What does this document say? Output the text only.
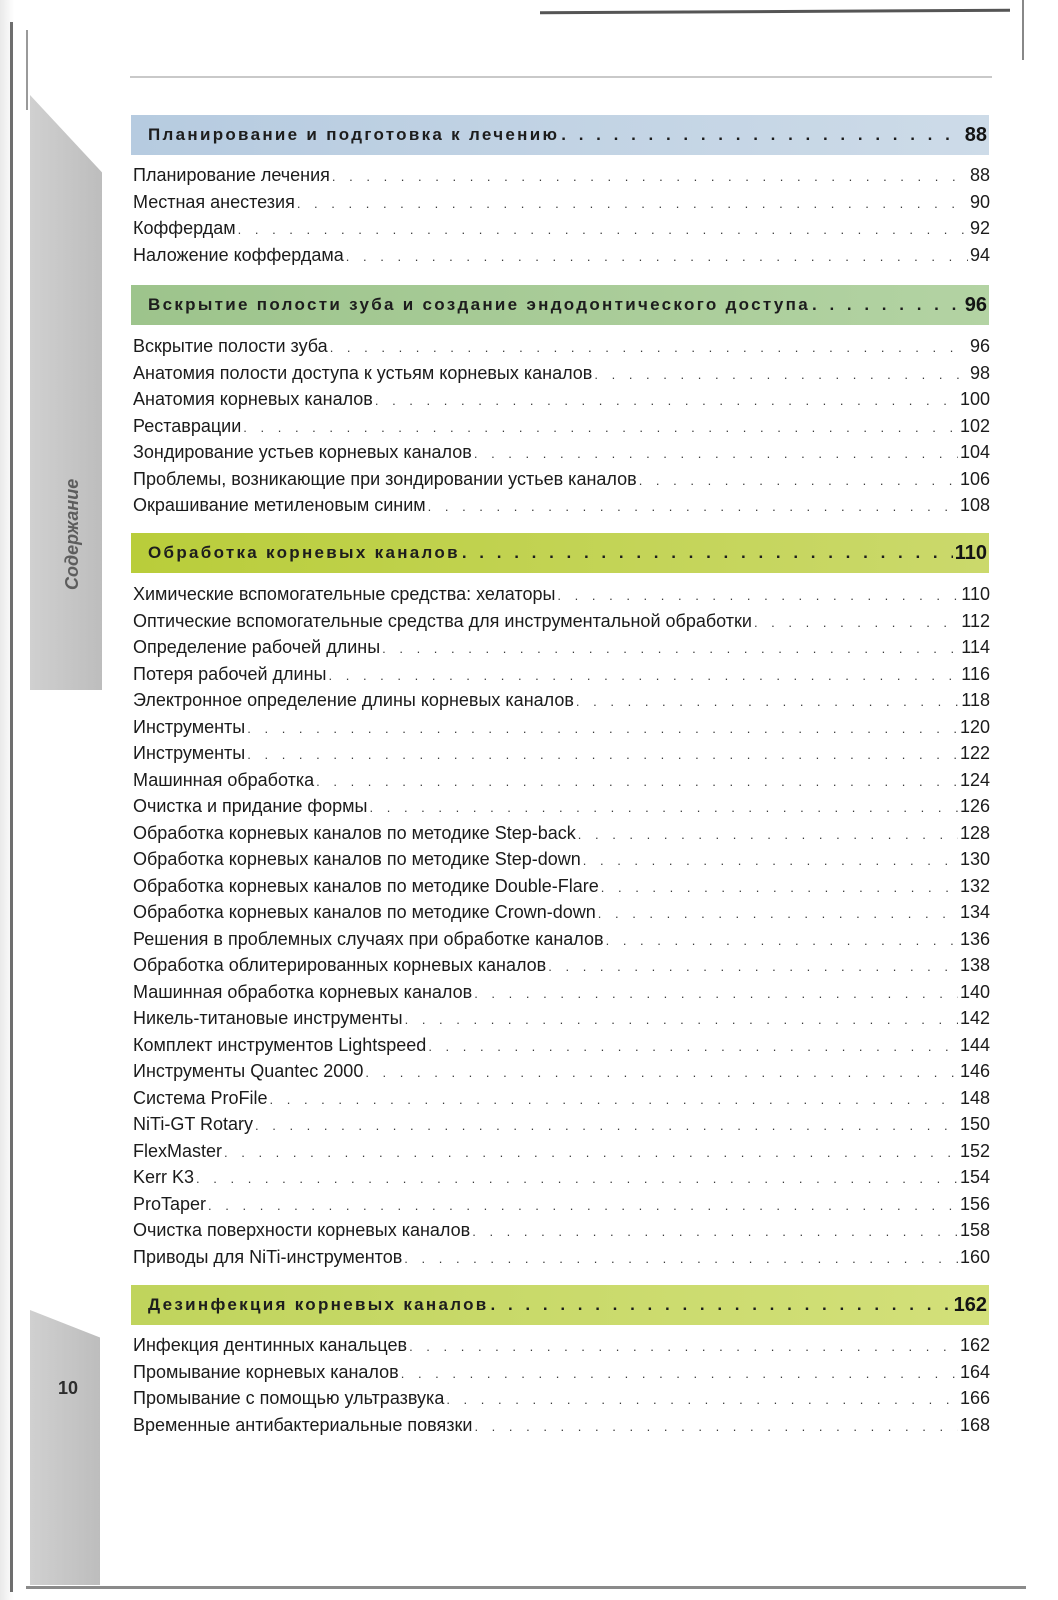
Содержание
10
Планирование и подготовка к лечению . . .	88
Планирование лечения . . .	88
Местная анестезия . . .	90
Коффердам . . .	92
Наложение коффердама . . .	94
Вскрытие полости зуба и создание эндодонтического доступа . . .	96
Вскрытие полости зуба . . .	96
Анатомия полости доступа к устьям корневых каналов . . .	98
Анатомия корневых каналов . . .	100
Реставрации . . .	102
Зондирование устьев корневых каналов . . .	104
Проблемы, возникающие при зондировании устьев каналов . . .	106
Окрашивание метиленовым синим . . .	108
Обработка корневых каналов . . .	110
Химические вспомогательные средства: хелаторы . . .	110
Оптические вспомогательные средства для инструментальной обработки . . .	112
Определение рабочей длины . . .	114
Потеря рабочей длины . . .	116
Электронное определение длины корневых каналов . . .	118
Инструменты . . .	120
Инструменты . . .	122
Машинная обработка . . .	124
Очистка и придание формы . . .	126
Обработка корневых каналов по методике Step-back . . .	128
Обработка корневых каналов по методике Step-down . . .	130
Обработка корневых каналов по методике Double-Flare . . .	132
Обработка корневых каналов по методике Crown-down . . .	134
Решения в проблемных случаях при обработке каналов . . .	136
Обработка облитерированных корневых каналов . . .	138
Машинная обработка корневых каналов . . .	140
Никель-титановые инструменты . . .	142
Комплект инструментов Lightspeed . . .	144
Инструменты Quantec 2000 . . .	146
Система ProFile . . .	148
NiTi-GT Rotary . . .	150
FlexMaster . . .	152
Kerr K3 . . .	154
ProTaper . . .	156
Очистка поверхности корневых каналов . . .	158
Приводы для NiTi-инструментов . . .	160
Дезинфекция корневых каналов . . .	162
Инфекция дентинных канальцев . . .	162
Промывание корневых каналов . . .	164
Промывание с помощью ультразвука . . .	166
Временные антибактериальные повязки . . .	168
